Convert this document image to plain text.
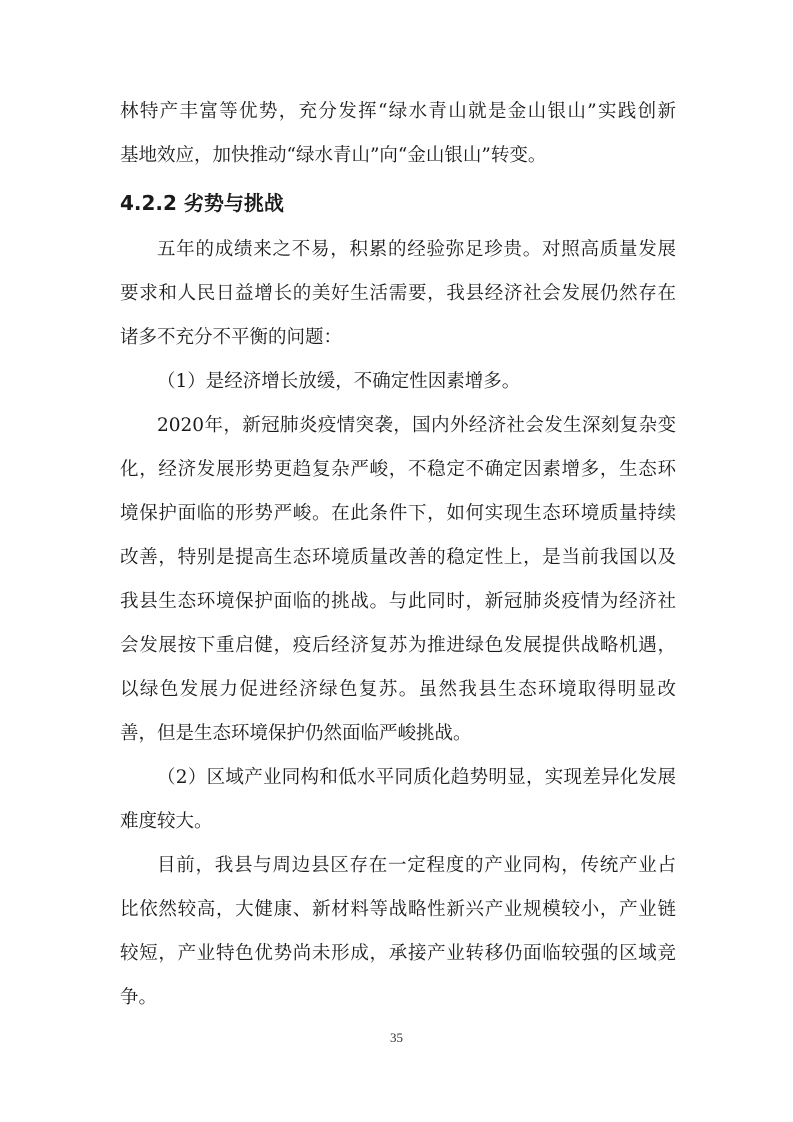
林特产丰富等优势，充分发挥“绿水青山就是金山银山”实践创新
基地效应，加快推动“绿水青山”向“金山银山”转变。
4.2.2 劣势与挑战
五年的成绩来之不易，积累的经验弥足珍贵。对照高质量发展
要求和人民日益增长的美好生活需要，我县经济社会发展仍然存在
诸多不充分不平衡的问题：
（1）是经济增长放缓，不确定性因素增多。
2020年，新冠肺炎疫情突袭，国内外经济社会发生深刻复杂变
化，经济发展形势更趋复杂严峻，不稳定不确定因素增多，生态环
境保护面临的形势严峻。在此条件下，如何实现生态环境质量持续
改善，特别是提高生态环境质量改善的稳定性上，是当前我国以及
我县生态环境保护面临的挑战。与此同时，新冠肺炎疫情为经济社
会发展按下重启健，疫后经济复苏为推进绿色发展提供战略机遇，
以绿色发展力促进经济绿色复苏。虽然我县生态环境取得明显改
善，但是生态环境保护仍然面临严峻挑战。
（2）区域产业同构和低水平同质化趋势明显，实现差异化发展
难度较大。
目前，我县与周边县区存在一定程度的产业同构，传统产业占
比依然较高，大健康、新材料等战略性新兴产业规模较小，产业链
较短，产业特色优势尚未形成，承接产业转移仍面临较强的区域竞
争。
35
